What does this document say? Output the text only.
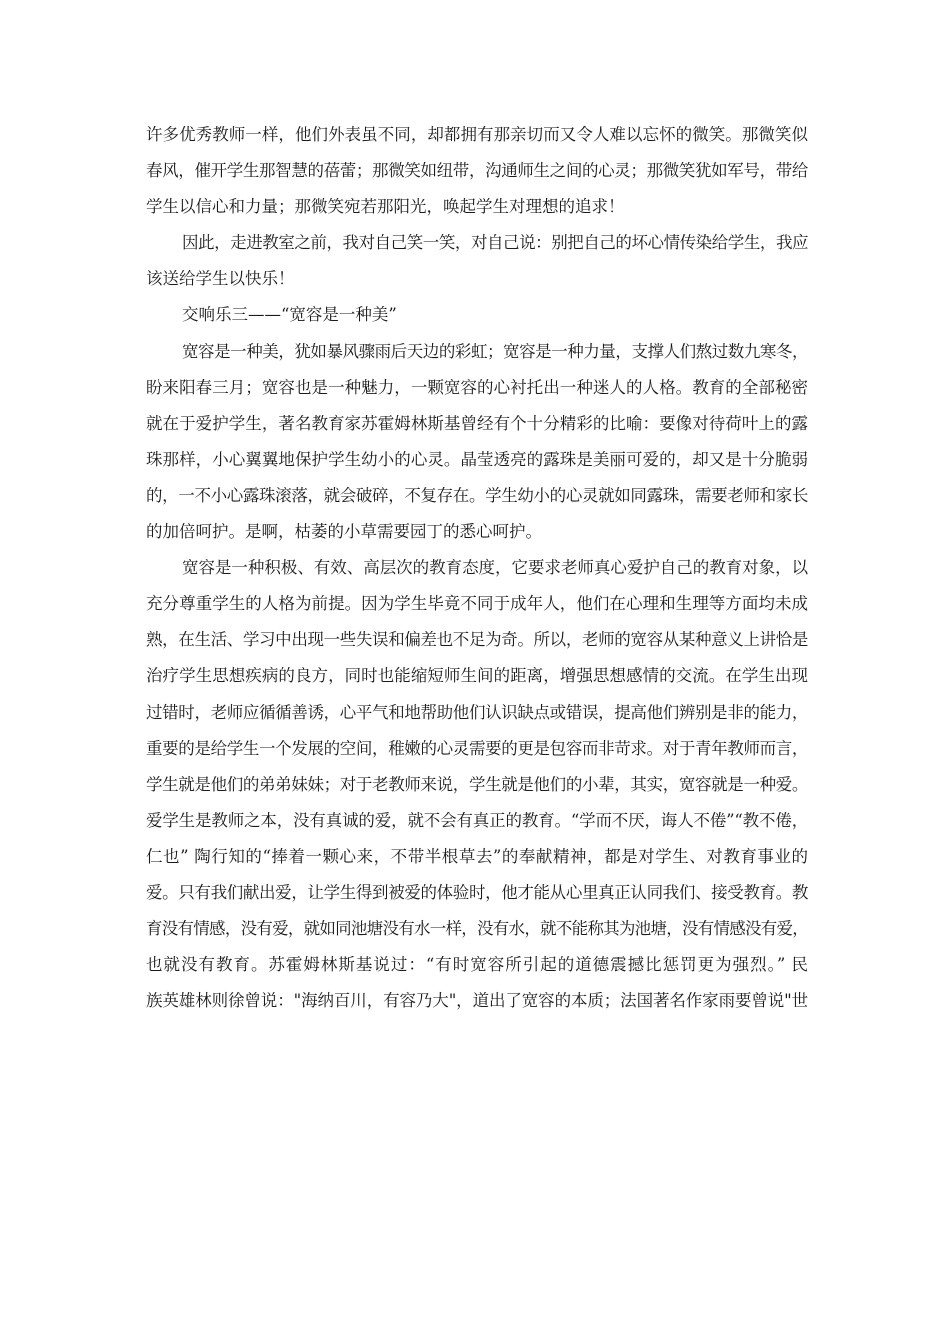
许多优秀教师一样，他们外表虽不同，却都拥有那亲切而又令人难以忘怀的微笑。那微笑似
春风，催开学生那智慧的蓓蕾；那微笑如纽带，沟通师生之间的心灵；那微笑犹如军号，带给
学生以信心和力量；那微笑宛若那阳光，唤起学生对理想的追求！
因此，走进教室之前，我对自己笑一笑，对自己说：别把自己的坏心情传染给学生，我应
该送给学生以快乐！
交响乐三——“宽容是一种美”
宽容是一种美，犹如暴风骤雨后天边的彩虹；宽容是一种力量，支撑人们熬过数九寒冬，
盼来阳春三月；宽容也是一种魅力，一颗宽容的心衬托出一种迷人的人格。教育的全部秘密
就在于爱护学生，著名教育家苏霍姆林斯基曾经有个十分精彩的比喻：要像对待荷叶上的露
珠那样，小心翼翼地保护学生幼小的心灵。晶莹透亮的露珠是美丽可爱的，却又是十分脆弱
的，一不小心露珠滚落，就会破碎，不复存在。学生幼小的心灵就如同露珠，需要老师和家长
的加倍呵护。是啊，枯萎的小草需要园丁的悉心呵护。
宽容是一种积极、有效、高层次的教育态度，它要求老师真心爱护自己的教育对象，以
充分尊重学生的人格为前提。因为学生毕竟不同于成年人，他们在心理和生理等方面均未成
熟，在生活、学习中出现一些失误和偏差也不足为奇。所以，老师的宽容从某种意义上讲恰是
治疗学生思想疾病的良方，同时也能缩短师生间的距离，增强思想感情的交流。在学生出现
过错时，老师应循循善诱，心平气和地帮助他们认识缺点或错误，提高他们辨别是非的能力，
重要的是给学生一个发展的空间，稚嫩的心灵需要的更是包容而非苛求。对于青年教师而言，
学生就是他们的弟弟妹妹；对于老教师来说，学生就是他们的小辈，其实，宽容就是一种爱。
爱学生是教师之本，没有真诚的爱，就不会有真正的教育。“学而不厌，诲人不倦”“教不倦，
仁也” 陶行知的“捧着一颗心来，不带半根草去”的奉献精神，都是对学生、对教育事业的
爱。只有我们献出爱，让学生得到被爱的体验时，他才能从心里真正认同我们、接受教育。教
育没有情感，没有爱，就如同池塘没有水一样，没有水，就不能称其为池塘，没有情感没有爱，
也就没有教育。苏霍姆林斯基说过：“有时宽容所引起的道德震撼比惩罚更为强烈。” 民
族英雄林则徐曾说："海纳百川，有容乃大"，道出了宽容的本质；法国著名作家雨要曾说"世
